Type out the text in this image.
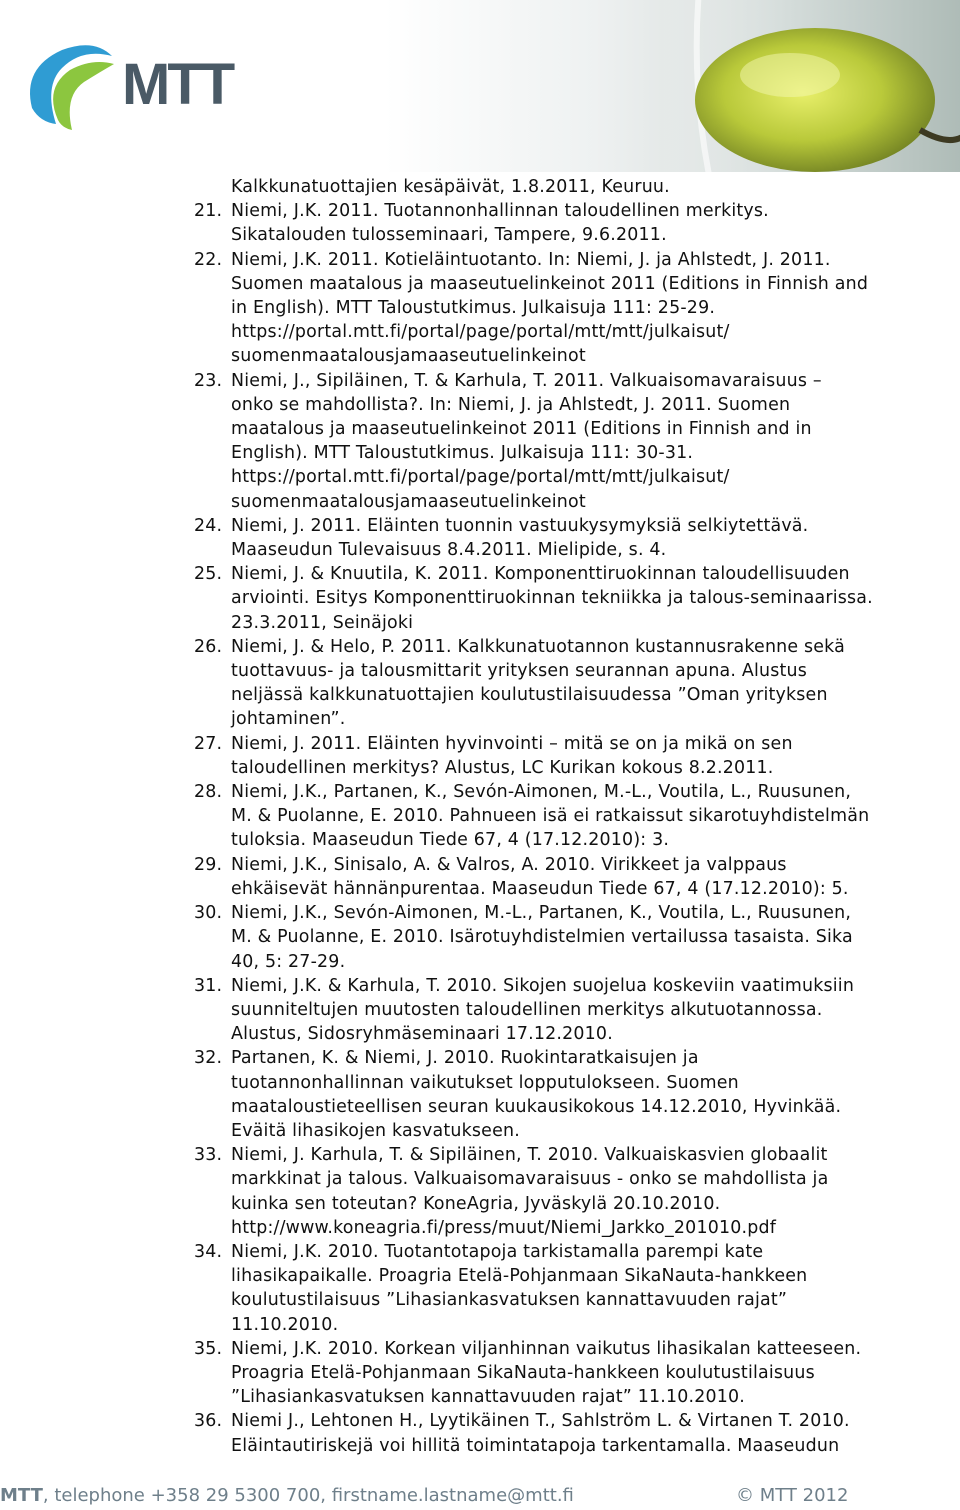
MTT
Kalkkunatuottajien kesäpäivät, 1.8.2011, Keuruu.
21. Niemi, J.K. 2011. Tuotannonhallinnan taloudellinen merkitys.
Sikatalouden tulosseminaari, Tampere, 9.6.2011.
22. Niemi, J.K. 2011. Kotieläintuotanto. In: Niemi, J. ja Ahlstedt, J. 2011.
Suomen maatalous ja maaseutuelinkeinot 2011 (Editions in Finnish and
in English). MTT Taloustutkimus. Julkaisuja 111: 25-29.
https://portal.mtt.fi/portal/page/portal/mtt/mtt/julkaisut/
suomenmaatalousjamaaseutuelinkeinot
23. Niemi, J., Sipiläinen, T. & Karhula, T. 2011. Valkuaisomavaraisuus –
onko se mahdollista?. In: Niemi, J. ja Ahlstedt, J. 2011. Suomen
maatalous ja maaseutuelinkeinot 2011 (Editions in Finnish and in
English). MTT Taloustutkimus. Julkaisuja 111: 30-31.
https://portal.mtt.fi/portal/page/portal/mtt/mtt/julkaisut/
suomenmaatalousjamaaseutuelinkeinot
24. Niemi, J. 2011. Eläinten tuonnin vastuukysymyksiä selkiytettävä.
Maaseudun Tulevaisuus 8.4.2011. Mielipide, s. 4.
25. Niemi, J. & Knuutila, K. 2011. Komponenttiruokinnan taloudellisuuden
arviointi. Esitys Komponenttiruokinnan tekniikka ja talous-seminaarissa.
23.3.2011, Seinäjoki
26. Niemi, J. & Helo, P. 2011. Kalkkunatuotannon kustannusrakenne sekä
tuottavuus- ja talousmittarit yrityksen seurannan apuna. Alustus
neljässä kalkkunatuottajien koulutustilaisuudessa ”Oman yrityksen
johtaminen”.
27. Niemi, J. 2011. Eläinten hyvinvointi – mitä se on ja mikä on sen
taloudellinen merkitys? Alustus, LC Kurikan kokous 8.2.2011.
28. Niemi, J.K., Partanen, K., Sevón-Aimonen, M.-L., Voutila, L., Ruusunen,
M. & Puolanne, E. 2010. Pahnueen isä ei ratkaissut sikarotuyhdistelmän
tuloksia. Maaseudun Tiede 67, 4 (17.12.2010): 3.
29. Niemi, J.K., Sinisalo, A. & Valros, A. 2010. Virikkeet ja valppaus
ehkäisevät hännänpurentaa. Maaseudun Tiede 67, 4 (17.12.2010): 5.
30. Niemi, J.K., Sevón-Aimonen, M.-L., Partanen, K., Voutila, L., Ruusunen,
M. & Puolanne, E. 2010. Isärotuyhdistelmien vertailussa tasaista. Sika
40, 5: 27-29.
31. Niemi, J.K. & Karhula, T. 2010. Sikojen suojelua koskeviin vaatimuksiin
suunniteltujen muutosten taloudellinen merkitys alkutuotannossa.
Alustus, Sidosryhmäseminaari 17.12.2010.
32. Partanen, K. & Niemi, J. 2010. Ruokintaratkaisujen ja
tuotannonhallinnan vaikutukset lopputulokseen. Suomen
maataloustieteellisen seuran kuukausikokous 14.12.2010, Hyvinkää.
Eväitä lihasikojen kasvatukseen.
33. Niemi, J. Karhula, T. & Sipiläinen, T. 2010. Valkuaiskasvien globaalit
markkinat ja talous. Valkuaisomavaraisuus - onko se mahdollista ja
kuinka sen toteutan? KoneAgria, Jyväskylä 20.10.2010.
http://www.koneagria.fi/press/muut/Niemi_Jarkko_201010.pdf
34. Niemi, J.K. 2010. Tuotantotapoja tarkistamalla parempi kate
lihasikapaikalle. Proagria Etelä-Pohjanmaan SikaNauta-hankkeen
koulutustilaisuus ”Lihasiankasvatuksen kannattavuuden rajat”
11.10.2010.
35. Niemi, J.K. 2010. Korkean viljanhinnan vaikutus lihasikalan katteeseen.
Proagria Etelä-Pohjanmaan SikaNauta-hankkeen koulutustilaisuus
”Lihasiankasvatuksen kannattavuuden rajat” 11.10.2010.
36. Niemi J., Lehtonen H., Lyytikäinen T., Sahlström L. & Virtanen T. 2010.
Eläintautiriskejä voi hillitä toimintatapoja tarkentamalla. Maaseudun
MTT, telephone +358 29 5300 700, firstname.lastname@mtt.fi	© MTT 2012
